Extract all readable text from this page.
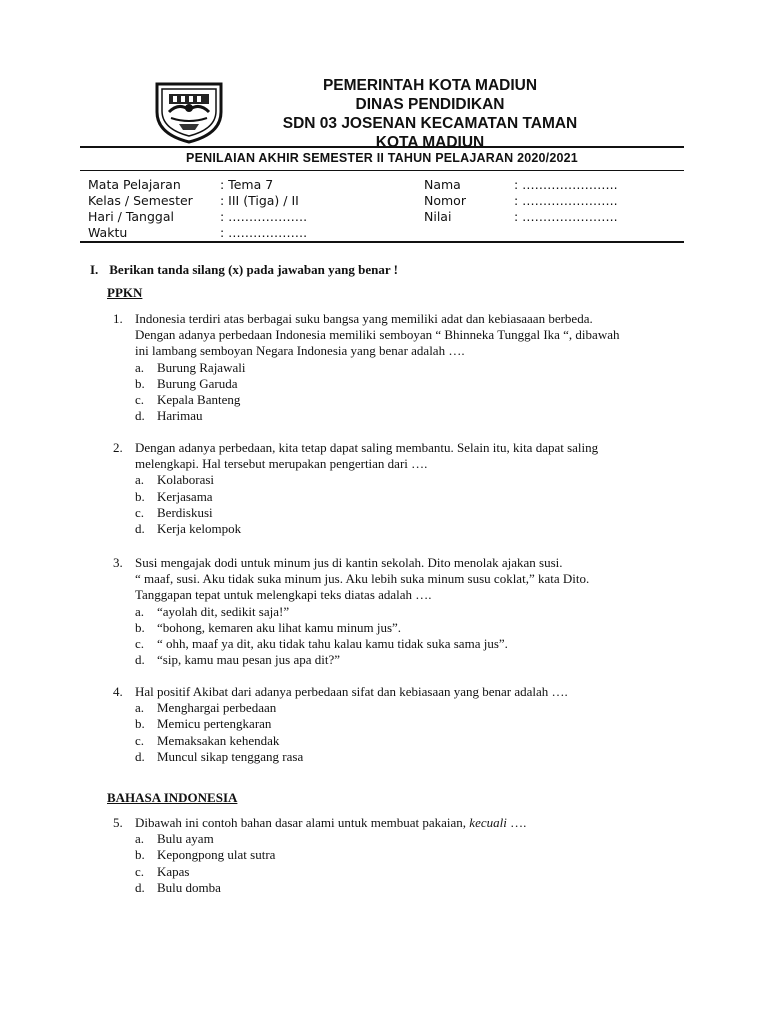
PEMERINTAH KOTA MADIUN
DINAS PENDIDIKAN
SDN 03 JOSENAN KECAMATAN TAMAN
KOTA MADIUN
PENILAIAN AKHIR SEMESTER II TAHUN PELAJARAN 2020/2021
Mata Pelajaran	: Tema 7
Kelas / Semester : III (Tiga) / II
Hari / Tanggal	: ……………….
Waktu	: ……………….
Nama	: …………………..
Nomor	: …………………..
Nilai	: …………………..
I. Berikan tanda silang (x) pada jawaban yang benar !
PPKN
1. Indonesia terdiri atas berbagai suku bangsa yang memiliki adat dan kebiasaaan berbeda.
Dengan adanya perbedaan Indonesia memiliki semboyan “ Bhinneka Tunggal Ika “, dibawah
ini lambang semboyan Negara Indonesia yang benar adalah ….
a. Burung Rajawali
b. Burung Garuda
c. Kepala Banteng
d. Harimau
2. Dengan adanya perbedaan, kita tetap dapat saling membantu. Selain itu, kita dapat saling
melengkapi. Hal tersebut merupakan pengertian dari ….
a. Kolaborasi
b. Kerjasama
c. Berdiskusi
d. Kerja kelompok
3. Susi mengajak dodi untuk minum jus di kantin sekolah. Dito menolak ajakan susi.
“ maaf, susi. Aku tidak suka minum jus. Aku lebih suka minum susu coklat,” kata Dito.
Tanggapan tepat untuk melengkapi teks diatas adalah ….
a. “ayolah dit, sedikit saja!”
b. “bohong, kemaren aku lihat kamu minum jus”.
c. “ ohh, maaf ya dit, aku tidak tahu kalau kamu tidak suka sama jus”.
d. “sip, kamu mau pesan jus apa dit?”
4. Hal positif Akibat dari adanya perbedaan sifat dan kebiasaan yang benar adalah ….
a. Menghargai perbedaan
b. Memicu pertengkaran
c. Memaksakan kehendak
d. Muncul sikap tenggang rasa
BAHASA INDONESIA
5. Dibawah ini contoh bahan dasar alami untuk membuat pakaian, kecuali ….
a. Bulu ayam
b. Kepongpong ulat sutra
c. Kapas
d. Bulu domba
